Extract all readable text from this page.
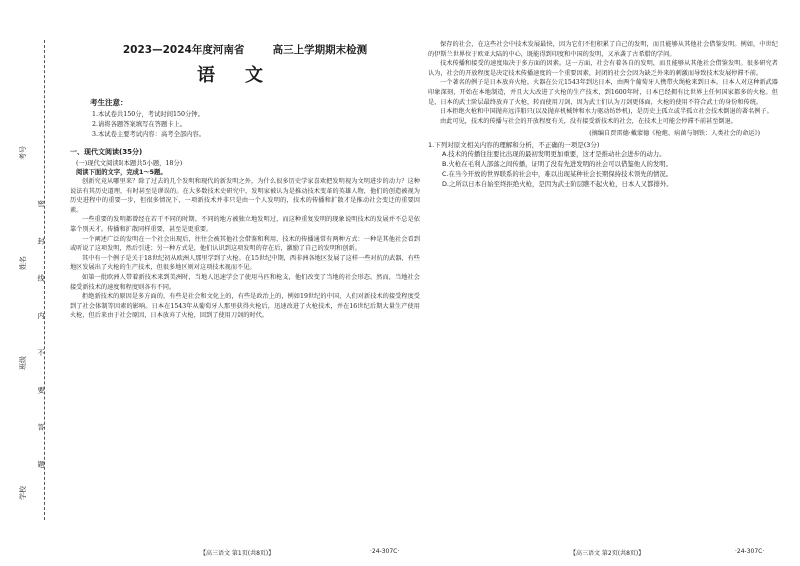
考号
姓名
班级
学校
密 封 线 内 不 要 答 题
2023—2024年度河南省	高三上学期期末检测
语文
考生注意：
1.本试卷共150分，考试时间150分钟。
2.请将各题答案填写在答题卡上。
3.本试卷主要考试内容：高考全部内容。
一、现代文阅读(35分)
(一)现代文阅读Ⅰ(本题共5小题，18分)
阅读下面的文字，完成1～5题。

创新究竟从哪里来？除了过去的几个发明和现代的新发明之外，为什么很多历史学家喜欢把发明视为文明进步的动力？这种说法有其历史道理，有时甚至是谬误的。在大多数技术史研究中，发明家被认为是推动技术变革的英雄人物，他们的创造被视为历史进程中的重要一步，但很多情况下，一项新技术并非只是由一个人发明的，技术的传播和扩散才是推动社会变迁的重要因素。

一些重要的发明都曾经在若干不同的时期、不同的地方被独立地发明过，而这种重复发明的现象说明技术的发展并不总是依靠个别天才。传播和扩散同样重要，甚至是更重要。

一个阐述广泛的发明在一个社会出现后，往往会被其他社会借鉴和利用，技术的传播通常有两种方式：一种是其他社会看到或听说了这项发明，然后引进；另一种方式是，他们认识到这项发明的存在后，激励了自己的发明和创新。

其中有一个例子是关于18世纪初从欧洲人那里学到了火枪。在15世纪中期，西非洲各地区发展了这样一些对抗的武器，有些地区发展出了火枪的生产技术，但很多地区则对这项技术视而不见。

如第一批欧洲人带着新技术来到美洲时，当地人迅速学会了使用马匹和枪支，他们改变了当地的社会形态。然而，当地社会接受新技术的速度和程度则各有不同。

拒绝新技术的原因是多方面的，有些是社会和文化上的，有些是政治上的，例如19世纪的中国，人们对新技术的接受程度受到了社会体制等因素的影响。日本在1543年从葡萄牙人那里获得火枪后，迅速改进了火枪技术，并在16世纪后期大量生产使用火枪，但后来由于社会原因，日本放弃了火枪，回到了使用刀剑的时代。

保存的社会，在这些社会中技术发展最快，因为它们不但积累了自己的发明，而且能够从其他社会借鉴发明。例如，中世纪的伊斯兰世界位于欧亚大陆的中心，既能得到印度和中国的发明，又承袭了古希腊的学问。

技术传播和接受的速度取决于多方面的因素。这一方面，社会有着各自的发明，而且能够从其他社会借鉴发明。很多研究者认为，社会的开放程度是决定技术传播速度的一个重要因素，封闭的社会会因为缺乏外来的刺激而导致技术发展停滞不前。

一个著名的例子是日本放弃火枪。火器在公元1543年到达日本，由两个葡萄牙人携带火绳枪来到日本。日本人对这种新武器印象深刻，开始在本地制造，并且大大改进了火枪的生产技术，到1600年时，日本已经拥有比世界上任何国家都多的火枪。但是，日本的武士阶层最终放弃了火枪，转而使用刀剑，因为武士们认为刀剑更体面，火枪的使用不符合武士的身份和传统。

日本拒绝火枪和中国抛弃远洋船只(以及抛弃机械钟和水力驱动纺纱机)，是历史上孤立或半孤立社会技术倒退的著名例子。

由此可见，技术的传播与社会的开放程度有关，没有接受新技术的社会，在技术上可能会停滞不前甚至倒退。

(摘编自贾雷德·戴蒙德《枪炮、病菌与钢铁：人类社会的命运》)
1.下列对原文相关内容的理解和分析，不正确的一项是(3分)
A.技术的传播往往要比出现的最初发明更加重要，这才是推动社会进步的动力。
B.火枪在毛利人部落之间传播，证明了没有先进发明的社会可以借鉴他人的发明。
C.在当今开放的世界联系的社会中，难以出现某种社会长期保持技术领先的情况。
D.之所以日本自始至终拒绝火枪，是因为武士阶层瞧不起火枪，日本人又都排外。
【高三语文 第1页(共8页)】	·24-307C·	【高三语文 第2页(共8页)】	·24-307C·
